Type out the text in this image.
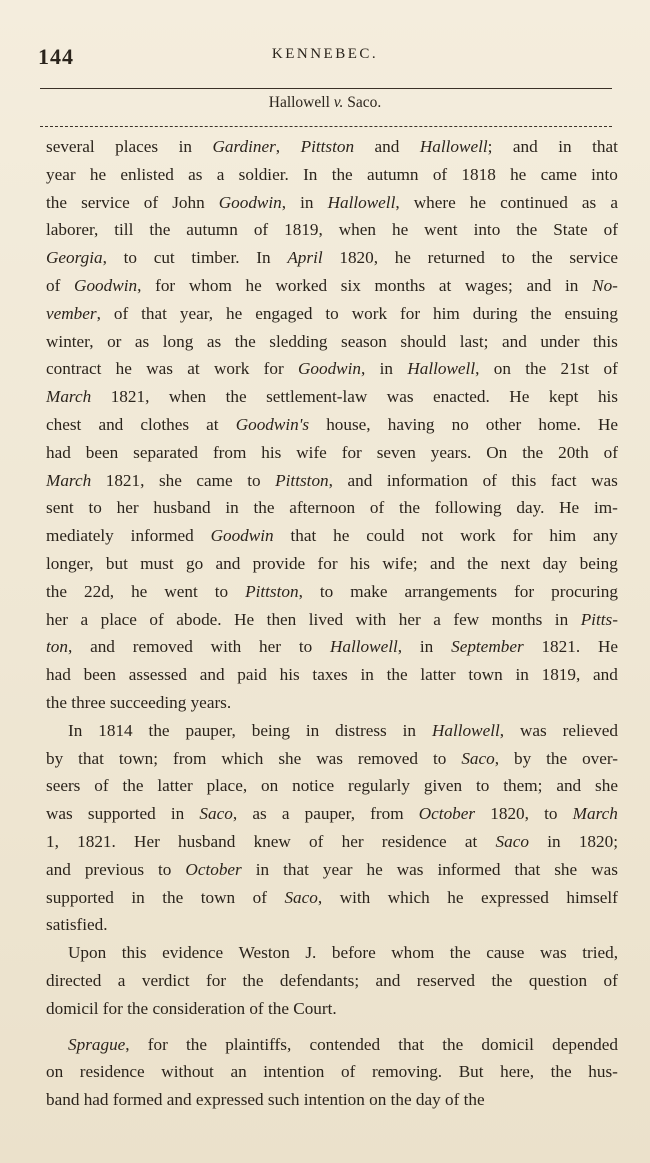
144	KENNEBEC.
Hallowell v. Saco.
several places in Gardiner, Pittston and Hallowell; and in that
year he enlisted as a soldier. In the autumn of 1818 he came into
the service of John Goodwin, in Hallowell, where he continued as a
laborer, till the autumn of 1819, when he went into the State of
Georgia, to cut timber. In April 1820, he returned to the service
of Goodwin, for whom he worked six months at wages; and in No-
vember, of that year, he engaged to work for him during the ensuing
winter, or as long as the sledding season should last; and under this
contract he was at work for Goodwin, in Hallowell, on the 21st of
March 1821, when the settlement-law was enacted. He kept his
chest and clothes at Goodwin's house, having no other home. He
had been separated from his wife for seven years. On the 20th of
March 1821, she came to Pittston, and information of this fact was
sent to her husband in the afternoon of the following day. He im-
mediately informed Goodwin that he could not work for him any
longer, but must go and provide for his wife; and the next day being
the 22d, he went to Pittston, to make arrangements for procuring
her a place of abode. He then lived with her a few months in Pitts-
ton, and removed with her to Hallowell, in September 1821. He
had been assessed and paid his taxes in the latter town in 1819, and
the three succeeding years.
In 1814 the pauper, being in distress in Hallowell, was relieved
by that town; from which she was removed to Saco, by the over-
seers of the latter place, on notice regularly given to them; and she
was supported in Saco, as a pauper, from October 1820, to March
1, 1821. Her husband knew of her residence at Saco in 1820;
and previous to October in that year he was informed that she was
supported in the town of Saco, with which he expressed himself
satisfied.
Upon this evidence Weston J. before whom the cause was tried,
directed a verdict for the defendants; and reserved the question of
domicil for the consideration of the Court.
Sprague, for the plaintiffs, contended that the domicil depended
on residence without an intention of removing. But here, the hus-
band had formed and expressed such intention on the day of the
